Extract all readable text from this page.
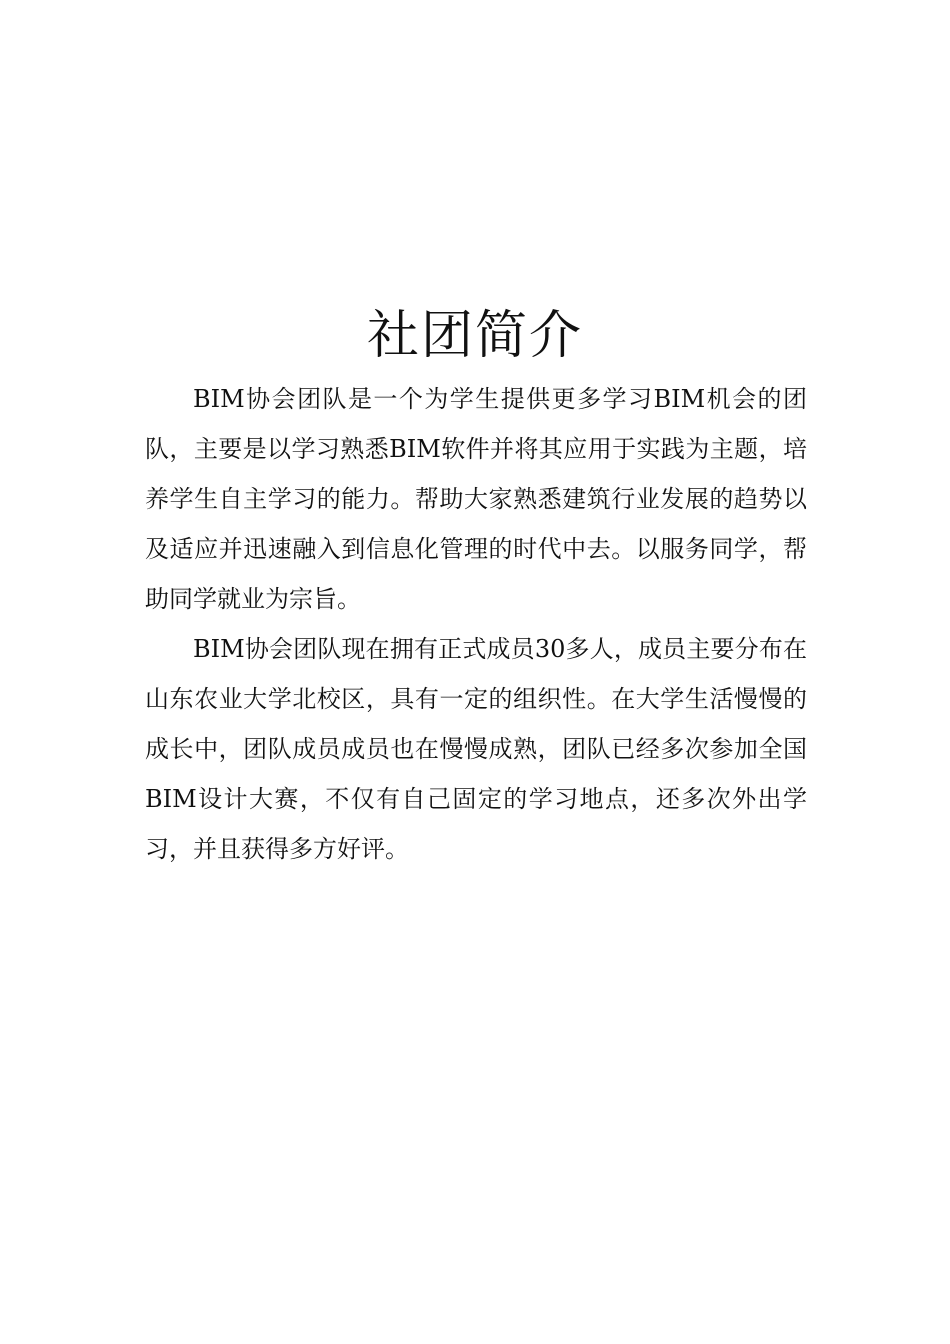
社团简介

BIM协会团队是一个为学生提供更多学习BIM机会的团队，主要是以学习熟悉BIM软件并将其应用于实践为主题，培养学生自主学习的能力。帮助大家熟悉建筑行业发展的趋势以及适应并迅速融入到信息化管理的时代中去。以服务同学，帮助同学就业为宗旨。

BIM协会团队现在拥有正式成员30多人，成员主要分布在山东农业大学北校区，具有一定的组织性。在大学生活慢慢的成长中，团队成员成员也在慢慢成熟，团队已经多次参加全国BIM设计大赛，不仅有自己固定的学习地点，还多次外出学习，并且获得多方好评。
